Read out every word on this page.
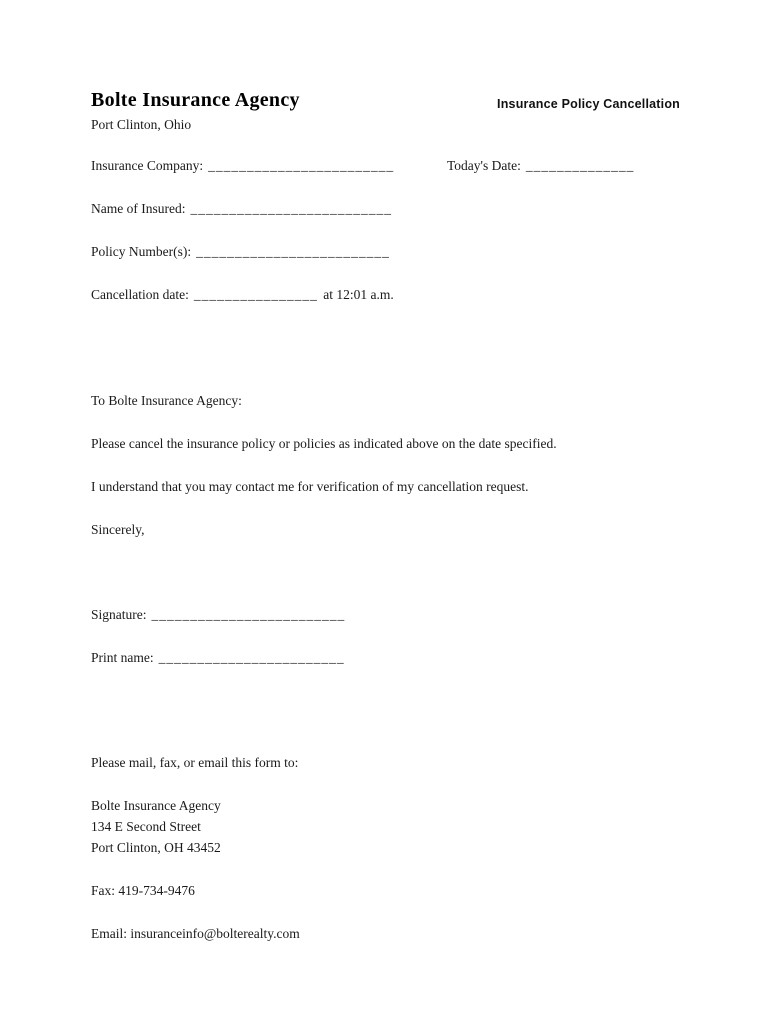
Bolte Insurance Agency	Insurance Policy Cancellation
Port Clinton, Ohio
Insurance Company: ________________________	Today's Date: ______________
Name of Insured: __________________________
Policy Number(s): _________________________
Cancellation date: ________________ at 12:01 a.m.
To Bolte Insurance Agency:
Please cancel the insurance policy or policies as indicated above on the date specified.
I understand that you may contact me for verification of my cancellation request.
Sincerely,
Signature: _________________________
Print name: ________________________
Please mail, fax, or email this form to:
Bolte Insurance Agency
134 E Second Street
Port Clinton, OH 43452
Fax: 419-734-9476
Email: insuranceinfo@bolterealty.com
